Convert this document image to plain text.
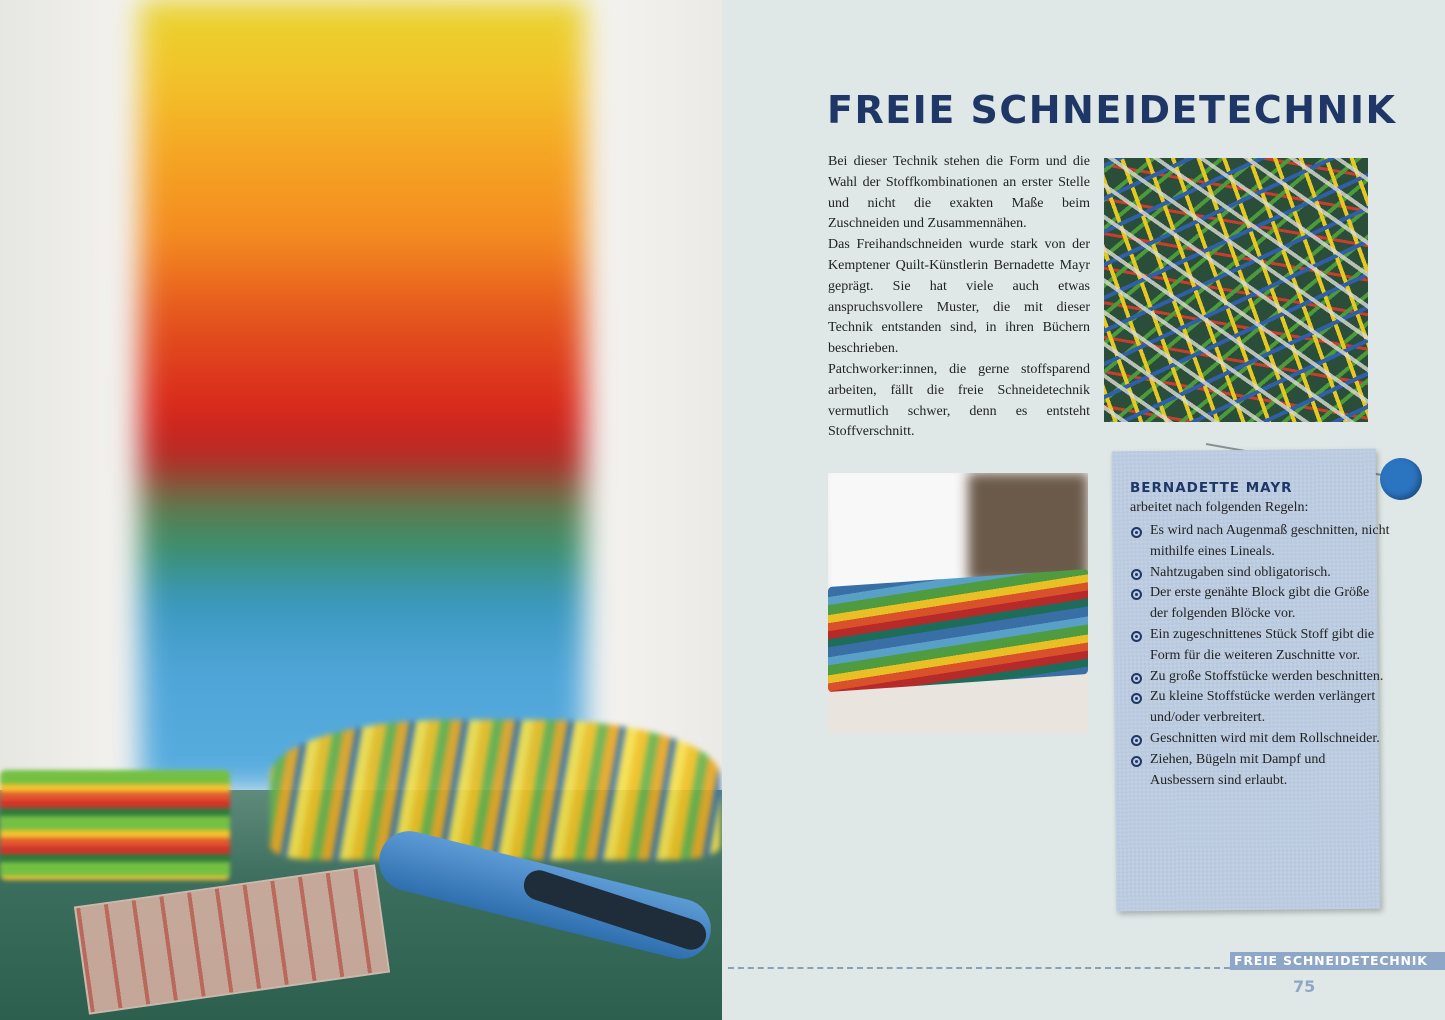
FREIE SCHNEIDETECHNIK

Bei dieser Technik stehen die Form und die Wahl der Stoffkombinationen an erster Stelle und nicht die exakten Maße beim Zuschneiden und Zusammennähen.

Das Freihandschneiden wurde stark von der Kemptener Quilt-Künstlerin Bernadette Mayr geprägt. Sie hat viele auch etwas anspruchsvollere Muster, die mit dieser Technik entstanden sind, in ihren Büchern beschrieben.

Patchworker:innen, die gerne stoffsparend arbeiten, fällt die freie Schneidetechnik vermutlich schwer, denn es entsteht Stoffverschnitt.

BERNADETTE MAYR

arbeitet nach folgenden Regeln:

Es wird nach Augenmaß geschnitten, nicht mithilfe eines Lineals.
Nahtzugaben sind obligatorisch.
Der erste genähte Block gibt die Größe der folgenden Blöcke vor.
Ein zugeschnittenes Stück Stoff gibt die Form für die weiteren Zuschnitte vor.
Zu große Stoffstücke werden beschnitten.
Zu kleine Stoffstücke werden verlängert und/oder verbreitert.
Geschnitten wird mit dem Rollschneider.
Ziehen, Bügeln mit Dampf und Ausbessern sind erlaubt.
FREIE SCHNEIDETECHNIK
75
